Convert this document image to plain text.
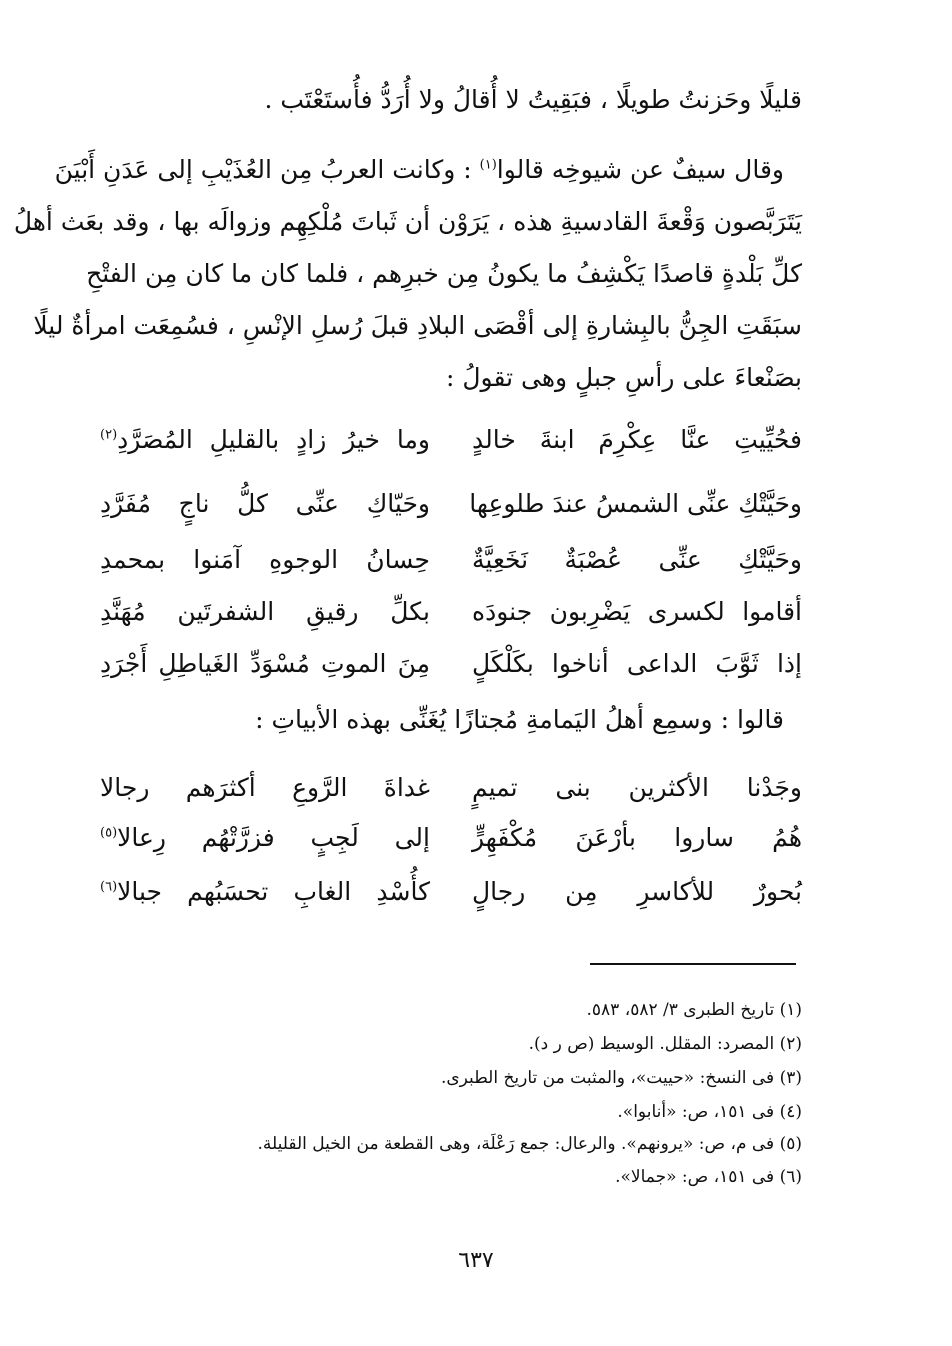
قليلًا وحَزنتُ طويلًا ، فبَقِيتُ لا أُقالُ ولا أُرَدُّ فأُستَعْتَب .
وقال سيفٌ عن شيوخِه قالوا$^{(١)}$ : وكانت العربُ مِن العُذَيْبِ إلى عَدَنِ أَبْيَنَ
يَتَرَبَّصون وَقْعةَ القادسيةِ هذه ، يَرَوْن أن ثَباتَ مُلْكِهِم وزوالَه بها ، وقد بعَث أهلُ
كلِّ بَلْدةٍ قاصدًا يَكْشِفُ ما يكونُ مِن خبرِهم ، فلما كان ما كان مِن الفتْحِ
سبَقَتِ الجِنُّ بالبِشارةِ إلى أقْصَى البلادِ قبلَ رُسلِ الإنْسِ ، فسُمِعَت امرأةٌ ليلًا
بصَنْعاءَ على رأسِ جبلٍ وهى تقولُ :
فحُيِّيتِ عنَّا عِكْرِمَ ابنةَ خالدٍ
وما خيرُ زادٍ بالقليلِ المُصَرَّدِ$^{(٢)}$
وحَيَّتْكِ عنِّى الشمسُ عندَ طلوعِها
وحَيّاكِ عنِّى كلُّ ناجٍ مُفَرَّدِ
وحَيَّتْكِ عنِّى عُصْبَةٌ نَخَعِيَّةٌ
حِسانُ الوجوهِ آمَنوا بمحمدِ
أقاموا لكسرى يَضْرِبون جنودَه
بكلِّ رقيقِ الشفرتَين مُهَنَّدِ
إذا ثَوَّبَ الداعى أناخوا بكَلْكَلٍ
مِنَ الموتِ مُسْوَدِّ الغَياطِلِ أَجْرَدِ
قالوا : وسمِع أهلُ اليَمامةِ مُجتازًا يُغَنِّى بهذه الأبياتِ :
وجَدْنا الأكثرين بنى تميمٍ
غداةَ الرَّوعِ أكثرَهم رجالا
هُمُ ساروا بأرْعَنَ مُكْفَهِرٍّ
إلى لَجِبٍ فزرَّتْهُم رِعالا$^{(٥)}$
بُحورٌ للأكاسرِ مِن رجالٍ
كأُسْدِ الغابِ تحسَبُهم جبالا$^{(٦)}$
(١) تاريخ الطبرى ٣/ ٥٨٢، ٥٨٣.
(٢) المصرد: المقلل. الوسيط (ص ر د).
(٣) فى النسخ: «حييت»، والمثبت من تاريخ الطبرى.
(٤) فى ١٥١، ص: «أنابوا».
(٥) فى م، ص: «يرونهم». والرعال: جمع رَعْلَة، وهى القطعة من الخيل القليلة.
(٦) فى ١٥١، ص: «جمالا».
٦٣٧
